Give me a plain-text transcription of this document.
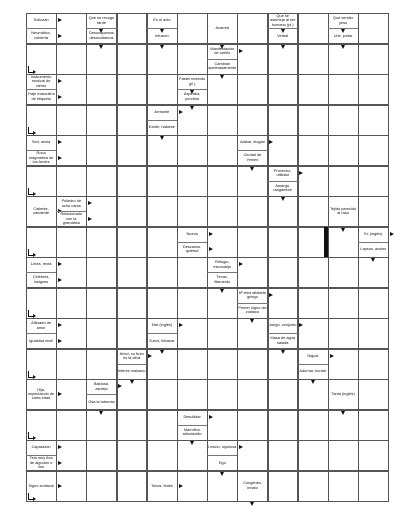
Sollozan
Neumático, cubierta
Que se recoge tarde
Desocupamos desocultamos
En el acto
Infusión
Acarrea
Que se asemeja al ser humano (pl.)
Verbal
Que vender yeso
Unir, juntar
Manifestación de cariño
Caminan aceleradamente
Instrumento musical de viento
Traje masculino de etiqueta
Pastel redondo (pl.)
Aspiraba, percibía
Arreante
Existir, hallarse
Sed, ansia
Roca magmática de los Andes
Alabar, elogiar
Ciudad de Yemen
Provecho, utilidad
Amargo, rasgambre
Caliente, candente
Poliedro de ocho caras
Relacionado con la gramática
Tejido parecido al raso
Nueva
Descanso, quietud
Ex (inglés)
Lapsos, azules
Línea, recta
Célebres, insignes
Refugio, escondrijo
Tenaz, filamento
6ª letra alfabeto griego
Primer signo del zodiaco
Alterado de amor
Igualdad nivel
Mar (inglés)
Zurcir, hilvanar
Juego, conjunto
Masa de agua salada
Árbol, su fruto es la oliva
Interés malsano
Nigual
Adornar, bordar
Hija, espectáculo de corta edad
Baldosa, azulejo
Osa la tuberías
Tanta (inglés)
Desoficiar
Mamífero artiodáctilo
Caparazón
Tela muy fina de algodón o lino
Lesión, lujuriosa
Ego
Congénito, innato
Signo zodiacal	Tonos, tintes
